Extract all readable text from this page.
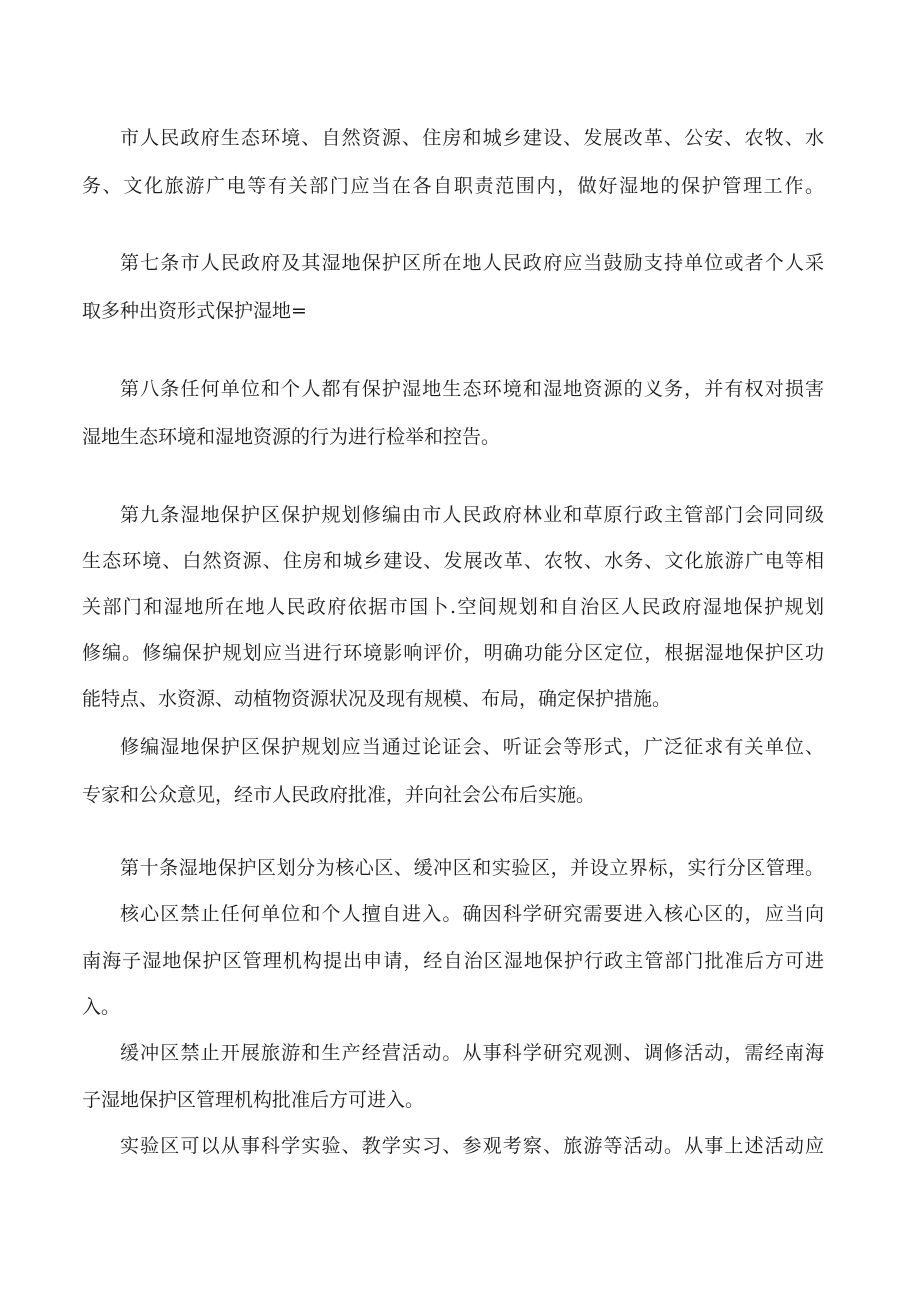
市人民政府生态环境、自然资源、住房和城乡建设、发展改革、公安、农牧、水
务、文化旅游广电等有关部门应当在各自职责范围内，做好湿地的保护管理工作。
第七条市人民政府及其湿地保护区所在地人民政府应当鼓励支持单位或者个人采
取多种出资形式保护湿地=
第八条任何单位和个人都有保护湿地生态环境和湿地资源的义务，并有权对损害
湿地生态环境和湿地资源的行为进行检举和控告。
第九条湿地保护区保护规划修编由市人民政府林业和草原行政主管部门会同同级
生态环境、白然资源、住房和城乡建设、发展改革、农牧、水务、文化旅游广电等相
关部门和湿地所在地人民政府依据市国卜.空间规划和自治区人民政府湿地保护规划
修编。修编保护规划应当进行环境影响评价，明确功能分区定位，根据湿地保护区功
能特点、水资源、动植物资源状况及现有规模、布局，确定保护措施。
修编湿地保护区保护规划应当通过论证会、听证会等形式，广泛征求有关单位、
专家和公众意见，经市人民政府批准，并向社会公布后实施。
第十条湿地保护区划分为核心区、缓冲区和实验区，并设立界标，实行分区管理。
核心区禁止任何单位和个人擅自进入。确因科学研究需要进入核心区的，应当向
南海子湿地保护区管理机构提出申请，经自治区湿地保护行政主管部门批准后方可进
入。
缓冲区禁止开展旅游和生产经营活动。从事科学研究观测、调修活动，需经南海
子湿地保护区管理机构批准后方可进入。
实验区可以从事科学实验、教学实习、参观考察、旅游等活动。从事上述活动应
